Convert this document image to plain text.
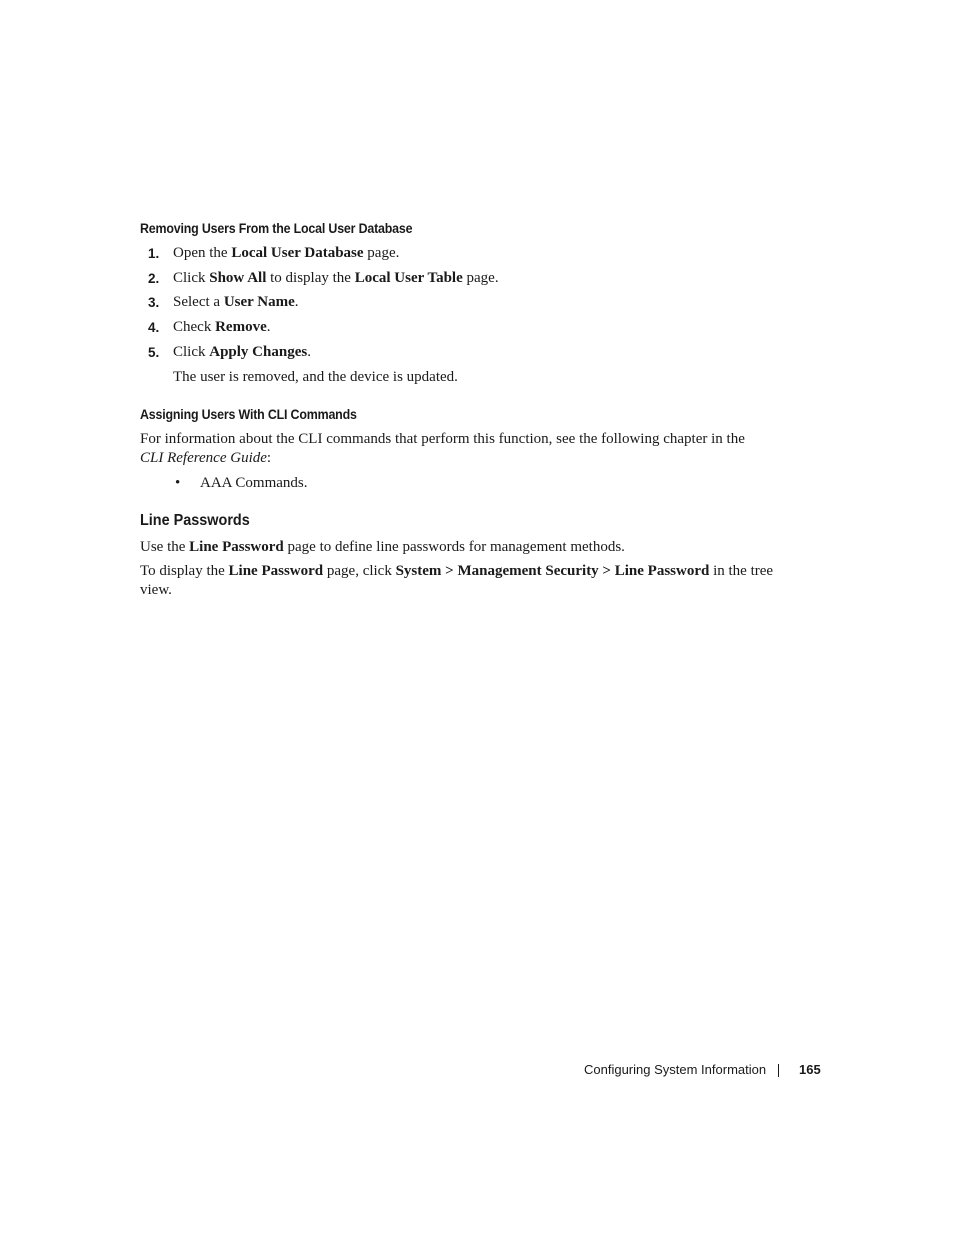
Removing Users From the Local User Database
1. Open the Local User Database page.

2. Click Show All to display the Local User Table page.

3. Select a User Name.

4. Check Remove.

5. Click Apply Changes.

The user is removed, and the device is updated.

Assigning Users With CLI Commands

For information about the CLI commands that perform this function, see the following chapter in the

CLI Reference Guide:

• AAA Commands.

Line Passwords

Use the Line Password page to define line passwords for management methods.

To display the Line Password page, click System > Management Security > Line Password in the tree

view.

Configuring System Information	165
